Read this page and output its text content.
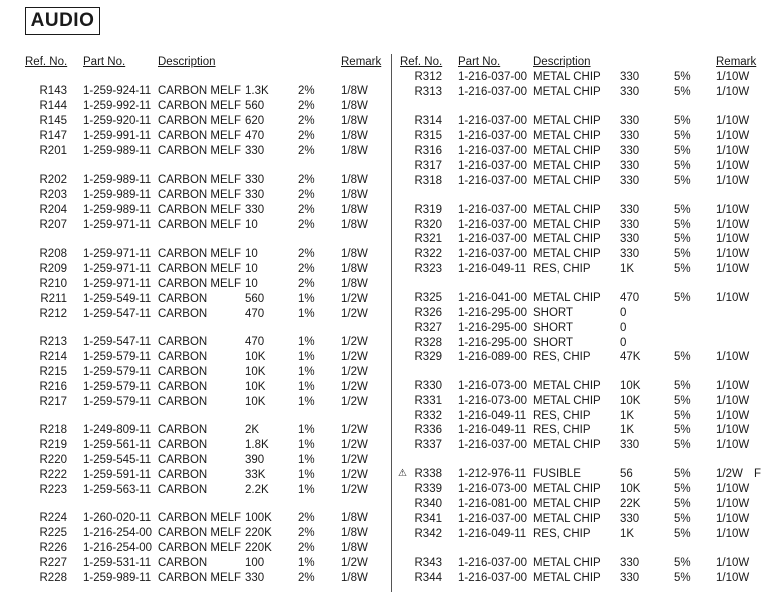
AUDIO
Ref. No. Part No.	Description	Remark Ref. No. Part No.	Description	Remark
R143 1-259-924-11 CARBON MELF 1.3K	2% 1/8W
R144 1-259-992-11 CARBON MELF 560	2% 1/8W
R145 1-259-920-11 CARBON MELF 620	2% 1/8W
R147 1-259-991-11 CARBON MELF 470	2% 1/8W
R201 1-259-989-11 CARBON MELF 330	2% 1/8W
R202 1-259-989-11 CARBON MELF 330	2% 1/8W
R203 1-259-989-11 CARBON MELF 330	2% 1/8W
R204 1-259-989-11 CARBON MELF 330	2% 1/8W
R207 1-259-971-11 CARBON MELF 10	2% 1/8W
R208 1-259-971-11 CARBON MELF 10	2% 1/8W
R209 1-259-971-11 CARBON MELF 10	2% 1/8W
R210 1-259-971-11 CARBON MELF 10	2% 1/8W
R211 1-259-549-11 CARBON	560	1% 1/2W
R212 1-259-547-11 CARBON	470	1% 1/2W
R213 1-259-547-11 CARBON	470	1% 1/2W
R214 1-259-579-11 CARBON	10K	1% 1/2W
R215 1-259-579-11 CARBON	10K	1% 1/2W
R216 1-259-579-11 CARBON	10K	1% 1/2W
R217 1-259-579-11 CARBON	10K	1% 1/2W
R218 1-249-809-11 CARBON	2K	1% 1/2W
R219 1-259-561-11 CARBON	1.8K	1% 1/2W
R220 1-259-545-11 CARBON	390	1% 1/2W
R222 1-259-591-11 CARBON	33K	1% 1/2W
R223 1-259-563-11 CARBON	2.2K	1% 1/2W
R224 1-260-020-11 CARBON MELF 100K 2% 1/8W
R225 1-216-254-00 CARBON MELF 220K 2% 1/8W
R226 1-216-254-00 CARBON MELF 220K 2% 1/8W
R227 1-259-531-11 CARBON	100	1% 1/2W
R228 1-259-989-11 CARBON MELF 330	2% 1/8W
R312 1-216-037-00 METAL CHIP 330	5% 1/10W
R313 1-216-037-00 METAL CHIP 330	5% 1/10W
R314 1-216-037-00 METAL CHIP 330	5% 1/10W
R315 1-216-037-00 METAL CHIP 330	5% 1/10W
R316 1-216-037-00 METAL CHIP 330	5% 1/10W
R317 1-216-037-00 METAL CHIP 330	5% 1/10W
R318 1-216-037-00 METAL CHIP 330	5% 1/10W
R319 1-216-037-00 METAL CHIP 330	5% 1/10W
R320 1-216-037-00 METAL CHIP 330	5% 1/10W
R321 1-216-037-00 METAL CHIP 330	5% 1/10W
R322 1-216-037-00 METAL CHIP 330	5% 1/10W
R323 1-216-049-11 RES, CHIP	1K	5% 1/10W
R325 1-216-041-00 METAL CHIP 470	5% 1/10W
R326 1-216-295-00 SHORT	0
R327 1-216-295-00 SHORT	0
R328 1-216-295-00 SHORT	0
R329 1-216-089-00 RES, CHIP	47K	5% 1/10W
R330 1-216-073-00 METAL CHIP 10K	5% 1/10W
R331 1-216-073-00 METAL CHIP 10K	5% 1/10W
R332 1-216-049-11 RES, CHIP	1K	5% 1/10W
R336 1-216-049-11 RES, CHIP	1K	5% 1/10W
R337 1-216-037-00 METAL CHIP 330	5% 1/10W
R338 1-212-976-11 FUSIBLE	56	5% 1/2W F
⚠
R339 1-216-073-00 METAL CHIP 10K	5% 1/10W
R340 1-216-081-00 METAL CHIP 22K	5% 1/10W
R341 1-216-037-00 METAL CHIP 330	5% 1/10W
R342 1-216-049-11 RES, CHIP	1K	5% 1/10W
R343 1-216-037-00 METAL CHIP 330	5% 1/10W
R344 1-216-037-00 METAL CHIP 330	5% 1/10W
